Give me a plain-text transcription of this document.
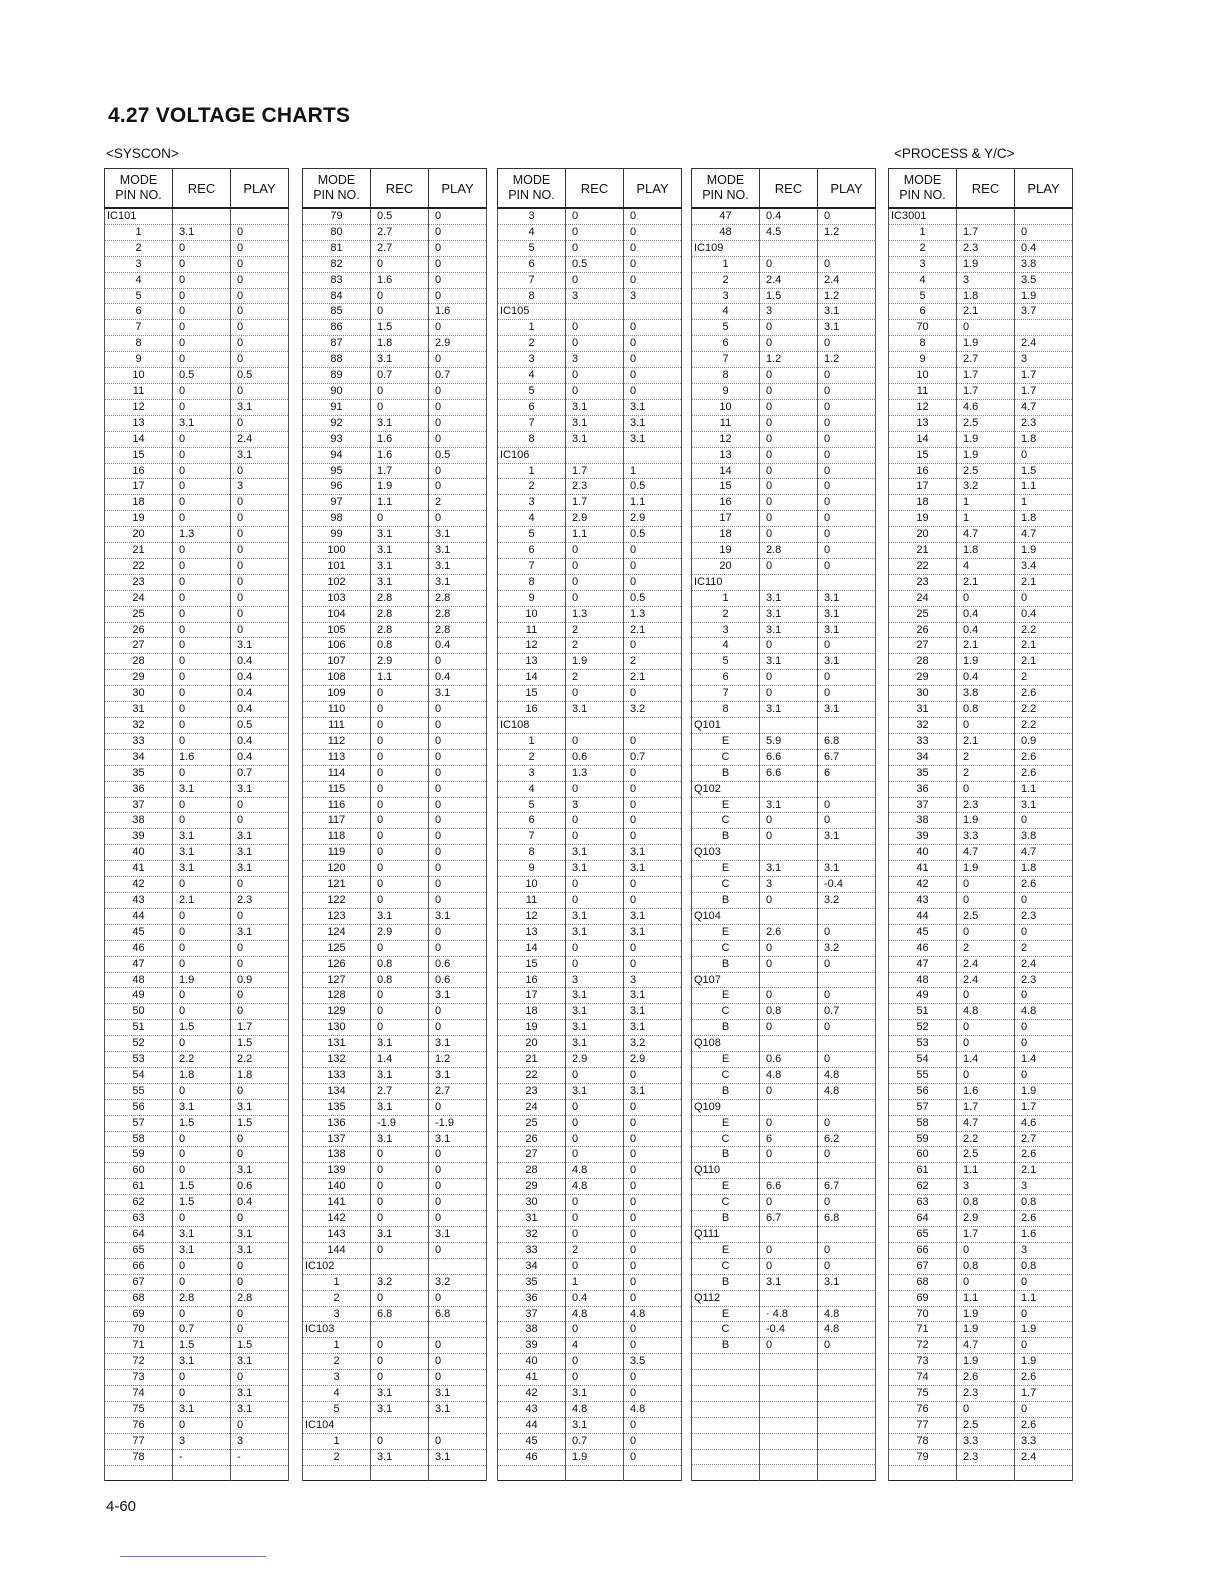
4.27 VOLTAGE CHARTS
<SYSCON>	<PROCESS & Y/C>
MODE
PIN NO.	REC	PLAY
IC101		
1	3.1	0
2	0	0
3	0	0
4	0	0
5	0	0
6	0	0
7	0	0
8	0	0
9	0	0
10	0.5	0.5
11	0	0
12	0	3.1
13	3.1	0
14	0	2.4
15	0	3.1
16	0	0
17	0	3
18	0	0
19	0	0
20	1.3	0
21	0	0
22	0	0
23	0	0
24	0	0
25	0	0
26	0	0
27	0	3.1
28	0	0.4
29	0	0.4
30	0	0.4
31	0	0.4
32	0	0.5
33	0	0.4
34	1.6	0.4
35	0	0.7
36	3.1	3.1
37	0	0
38	0	0
39	3.1	3.1
40	3.1	3.1
41	3.1	3.1
42	0	0
43	2.1	2.3
44	0	0
45	0	3.1
46	0	0
47	0	0
48	1.9	0.9
49	0	0
50	0	0
51	1.5	1.7
52	0	1.5
53	2.2	2.2
54	1.8	1.8
55	0	0
56	3.1	3.1
57	1.5	1.5
58	0	0
59	0	0
60	0	3.1
61	1.5	0.6
62	1.5	0.4
63	0	0
64	3.1	3.1
65	3.1	3.1
66	0	0
67	0	0
68	2.8	2.8
69	0	0
70	0.7	0
71	1.5	1.5
72	3.1	3.1
73	0	0
74	0	3.1
75	3.1	3.1
76	0	0
77	3	3
78	-	-

MODE
PIN NO.	REC	PLAY
79	0.5	0
80	2.7	0
81	2.7	0
82	0	0
83	1.6	0
84	0	0
85	0	1.6
86	1.5	0
87	1.8	2.9
88	3.1	0
89	0.7	0.7
90	0	0
91	0	0
92	3.1	0
93	1.6	0
94	1.6	0.5
95	1.7	0
96	1.9	0
97	1.1	2
98	0	0
99	3.1	3.1
100	3.1	3.1
101	3.1	3.1
102	3.1	3.1
103	2.8	2.8
104	2.8	2.8
105	2.8	2.8
106	0.8	0.4
107	2.9	0
108	1.1	0.4
109	0	3.1
110	0	0
111	0	0
112	0	0
113	0	0
114	0	0
115	0	0
116	0	0
117	0	0
118	0	0
119	0	0
120	0	0
121	0	0
122	0	0
123	3.1	3.1
124	2.9	0
125	0	0
126	0.8	0.6
127	0.8	0.6
128	0	3.1
129	0	0
130	0	0
131	3.1	3.1
132	1.4	1.2
133	3.1	3.1
134	2.7	2.7
135	3.1	0
136	-1.9	-1.9
137	3.1	3.1
138	0	0
139	0	0
140	0	0
141	0	0
142	0	0
143	3.1	3.1
144	0	0
IC102		
1	3.2	3.2
2	0	0
3	6.8	6.8
IC103		
1	0	0
2	0	0
3	0	0
4	3.1	3.1
5	3.1	3.1
IC104		
1	0	0
2	3.1	3.1

MODE
PIN NO.	REC	PLAY
3	0	0
4	0	0
5	0	0
6	0.5	0
7	0	0
8	3	3
IC105		
1	0	0
2	0	0
3	3	0
4	0	0
5	0	0
6	3.1	3.1
7	3.1	3.1
8	3.1	3.1
IC106		
1	1.7	1
2	2.3	0.5
3	1.7	1.1
4	2.9	2.9
5	1.1	0.5
6	0	0
7	0	0
8	0	0
9	0	0.5
10	1.3	1.3
11	2	2.1
12	2	0
13	1.9	2
14	2	2.1
15	0	0
16	3.1	3.2
IC108		
1	0	0
2	0.6	0.7
3	1.3	0
4	0	0
5	3	0
6	0	0
7	0	0
8	3.1	3.1
9	3.1	3.1
10	0	0
11	0	0
12	3.1	3.1
13	3.1	3.1
14	0	0
15	0	0
16	3	3
17	3.1	3.1
18	3.1	3.1
19	3.1	3.1
20	3.1	3.2
21	2.9	2.9
22	0	0
23	3.1	3.1
24	0	0
25	0	0
26	0	0
27	0	0
28	4.8	0
29	4.8	0
30	0	0
31	0	0
32	0	0
33	2	0
34	0	0
35	1	0
36	0.4	0
37	4.8	4.8
38	0	0
39	4	0
40	0	3.5
41	0	0
42	3.1	0
43	4.8	4.8
44	3.1	0
45	0.7	0
46	1.9	0

MODE
PIN NO.	REC	PLAY
47	0.4	0
48	4.5	1.2
IC109		
1	0	0
2	2.4	2.4
3	1.5	1.2
4	3	3.1
5	0	3.1
6	0	0
7	1.2	1.2
8	0	0
9	0	0
10	0	0
11	0	0
12	0	0
13	0	0
14	0	0
15	0	0
16	0	0
17	0	0
18	0	0
19	2.8	0
20	0	0
IC110		
1	3.1	3.1
2	3.1	3.1
3	3.1	3.1
4	0	0
5	3.1	3.1
6	0	0
7	0	0
8	3.1	3.1
Q101		
E	5.9	6.8
C	6.6	6.7
B	6.6	6
Q102		
E	3.1	0
C	0	0
B	0	3.1
Q103		
E	3.1	3.1
C	3	-0.4
B	0	3.2
Q104		
E	2.6	0
C	0	3.2
B	0	0
Q107		
E	0	0
C	0.8	0.7
B	0	0
Q108		
E	0.6	0
C	4.8	4.8
B	0	4.8
Q109		
E	0	0
C	6	6.2
B	0	0
Q110		
E	6.6	6.7
C	0	0
B	6.7	6.8
Q111		
E	0	0
C	0	0
B	3.1	3.1
Q112		
E	· 4.8	4.8
C	-0.4	4.8
B	0	0

MODE
PIN NO.	REC	PLAY
IC3001		
1	1.7	0
2	2.3	0.4
3	1.9	3.8
4	3	3.5
5	1.8	1.9
6	2.1	3.7
70	0	
8	1.9	2.4
9	2.7	3
10	1.7	1.7
11	1.7	1.7
12	4.6	4.7
13	2.5	2.3
14	1.9	1.8
15	1.9	0
16	2.5	1.5
17	3.2	1.1
18	1	1
19	1	1.8
20	4.7	4.7
21	1.8	1.9
22	4	3.4
23	2.1	2.1
24	0	0
25	0.4	0.4
26	0.4	2.2
27	2.1	2.1
28	1.9	2.1
29	0.4	2
30	3.8	2.6
31	0.8	2.2
32	0	2.2
33	2.1	0.9
34	2	2.6
35	2	2.6
36	0	1.1
37	2.3	3.1
38	1.9	0
39	3.3	3.8
40	4.7	4.7
41	1.9	1.8
42	0	2.6
43	0	0
44	2.5	2.3
45	0	0
46	2	2
47	2.4	2.4
48	2.4	2.3
49	0	0
51	4.8	4.8
52	0	0
53	0	0
54	1.4	1.4
55	0	0
56	1.6	1.9
57	1.7	1.7
58	4.7	4.6
59	2.2	2.7
60	2.5	2.6
61	1.1	2.1
62	3	3
63	0.8	0.8
64	2.9	2.6
65	1.7	1.6
66	0	3
67	0.8	0.8
68	0	0
69	1.1	1.1
70	1.9	0
71	1.9	1.9
72	4.7	0
73	1.9	1.9
74	2.6	2.6
75	2.3	1.7
76	0	0
77	2.5	2.6
78	3.3	3.3
79	2.3	2.4

4-60
